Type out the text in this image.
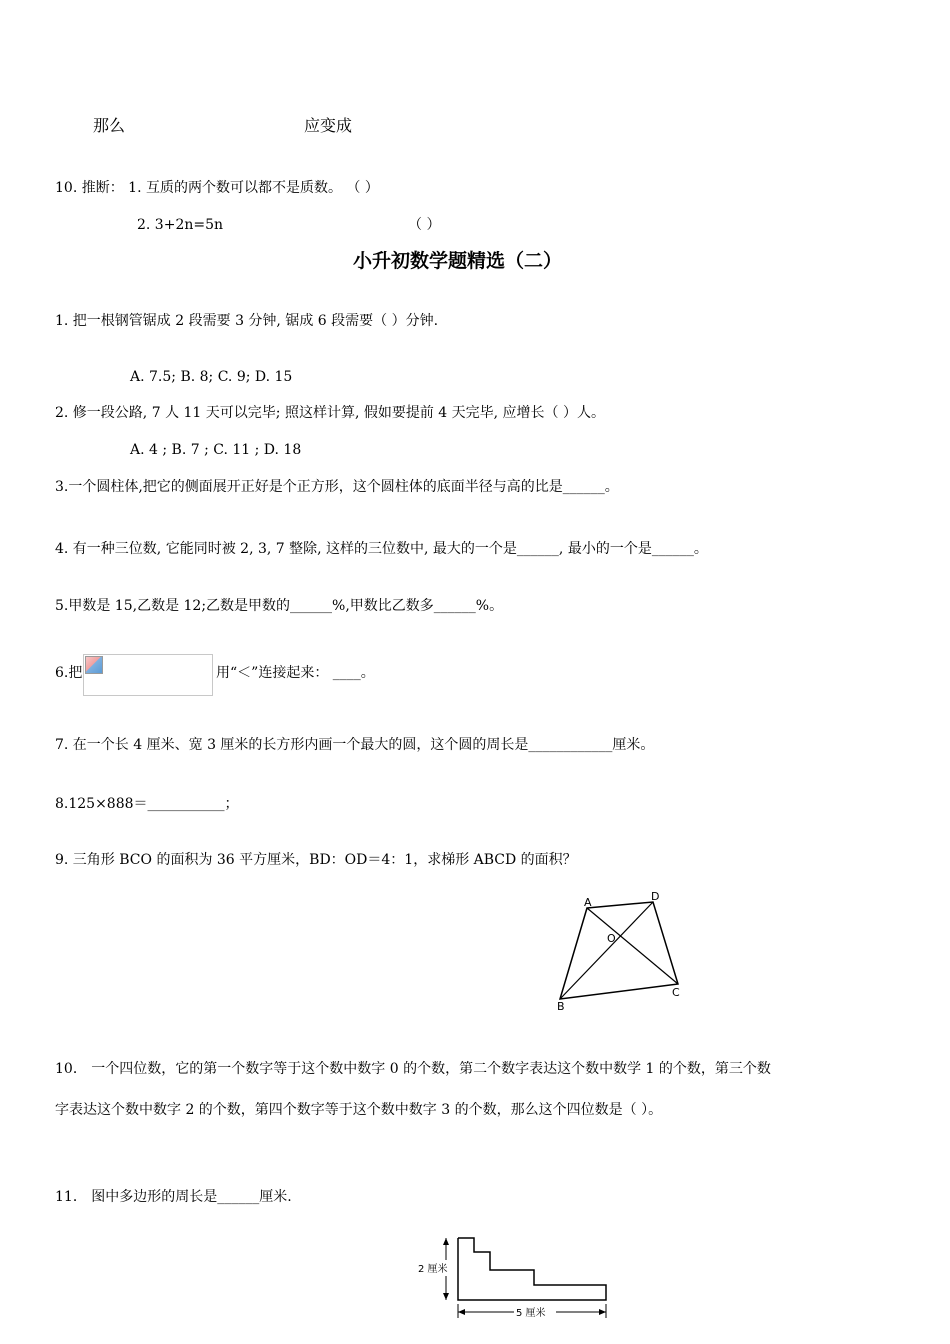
那么	应变成
10. 推断： 1. 互质的两个数可以都不是质数。 （ ）
2. 3+2n=5n	（ ）
小升初数学题精选（二）
1. 把一根钢管锯成 2 段需要 3 分钟, 锯成 6 段需要（ ）分钟.
A. 7.5; B. 8; C. 9; D. 15
2. 修一段公路, 7 人 11 天可以完毕; 照这样计算, 假如要提前 4 天完毕, 应增长（ ）人。
A. 4 ; B. 7 ; C. 11 ; D. 18
3.一个圆柱体,把它的侧面展开正好是个正方形，这个圆柱体的底面半径与高的比是______。
4. 有一种三位数, 它能同时被 2, 3, 7 整除, 这样的三位数中, 最大的一个是______, 最小的一个是______。
5.甲数是 15,乙数是 12;乙数是甲数的______%,甲数比乙数多______%。
6.把	用“＜”连接起来： ____。
7. 在一个长 4 厘米、宽 3 厘米的长方形内画一个最大的圆，这个圆的周长是____________厘米。
8.125×888＝___________；
9. 三角形 BCO 的面积为 36 平方厘米，BD：OD＝4：1，求梯形 ABCD 的面积？
A	D
O
B
C
10． 一个四位数，它的第一个数字等于这个数中数字 0 的个数，第二个数字表达这个数中数学 1 的个数，第三个数
字表达这个数中数字 2 的个数，第四个数字等于这个数中数字 3 的个数，那么这个四位数是（ ）。
11． 图中多边形的周长是______厘米.
2 厘米
5 厘米
